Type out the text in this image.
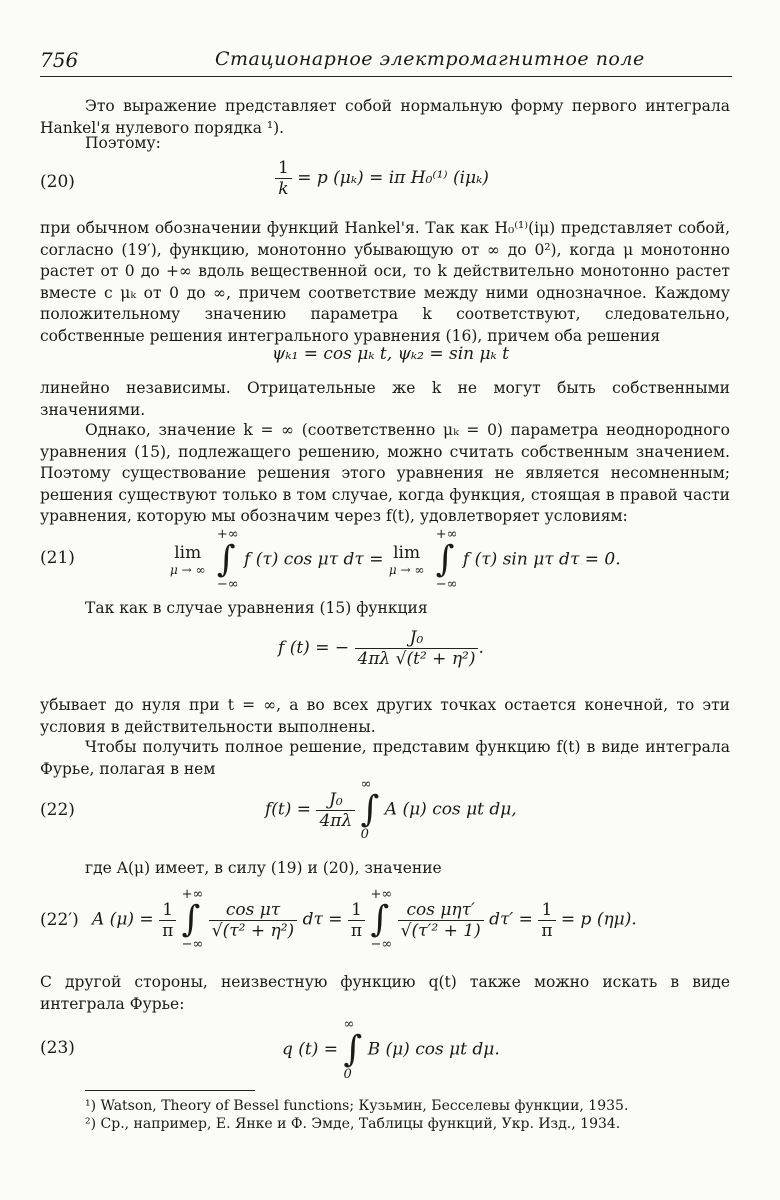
756	Стационарное электромагнитное поле
Это выражение представляет собой нормальную форму первого интеграла Hankel'я нулевого порядка ¹).
Поэтому:
(20)	$\frac{1}{k} = p$ (μₖ) = iπ H₀⁽¹⁾ (iμₖ)
при обычном обозначении функций Hankel'я. Так как H₀⁽¹⁾(iμ) представляет собой, согласно (19′), функцию, монотонно убывающую от ∞ до 0²), когда μ монотонно растет от 0 до +∞ вдоль вещественной оси, то k действительно монотонно растет вместе с μₖ от 0 до ∞, причем соответствие между ними однозначное. Каждому положительному значению параметра k соответствуют, следовательно, собственные решения интегрального уравнения (16), причем оба решения
ψₖ₁ = cos μₖ t, ψₖ₂ = sin μₖ t
линейно независимы. Отрицательные же k не могут быть собственными значениями.
Однако, значение k = ∞ (соответственно μₖ = 0) параметра неоднородного уравнения (15), подлежащего решению, можно считать собственным значением. Поэтому существование решения этого уравнения не является несомненным; решения существуют только в том случае, когда функция, стоящая в правой части уравнения, которую мы обозначим через f(t), удовлетворяет условиям:
(21)	lim
μ → ∞
+∞
∫
−∞ f (τ) cos μτ dτ = lim
μ → ∞
+∞
∫
−∞ f (τ) sin μτ dτ = 0.
Так как в случае уравнения (15) функция
f (t) = − $\frac{\text{J₀}}{\text{4πλ √(t² + η²)}}$ .
убывает до нуля при t = ∞, а во всех других точках остается конечной, то эти условия в действительности выполнены.
Чтобы получить полное решение, представим функцию f(t) в виде интеграла Фурье, полагая в нем
(22)	$f(t) = \frac{\text{J₀}}{4\pi\lambda}$
∞
∫
0 A (μ) cos μt dμ,
где A(μ) имеет, в силу (19) и (20), значение
(22′) A $(\mu) = \frac{1}{\pi}$
+∞
∫
−∞
$\frac{\text{cos μτ}}{\text{√(τ² + η²)}}$ $d\tau = \frac{1}{\pi}$
+∞
∫
−∞
$\frac{\text{cos μητ′}}{\text{√(τ′² + 1)}} d\tau' = \frac{1}{\pi} = p$ (ημ).
С другой стороны, неизвестную функцию q(t) также можно искать в виде интеграла Фурье:
(23)	q (t) = ∞
∫
0 B (μ) cos μt dμ.
¹) Watson, Theory of Bessel functions; Кузьмин, Бесселевы функции, 1935.
²) Ср., например, Е. Янке и Ф. Эмде, Таблицы функций, Укр. Изд., 1934.
